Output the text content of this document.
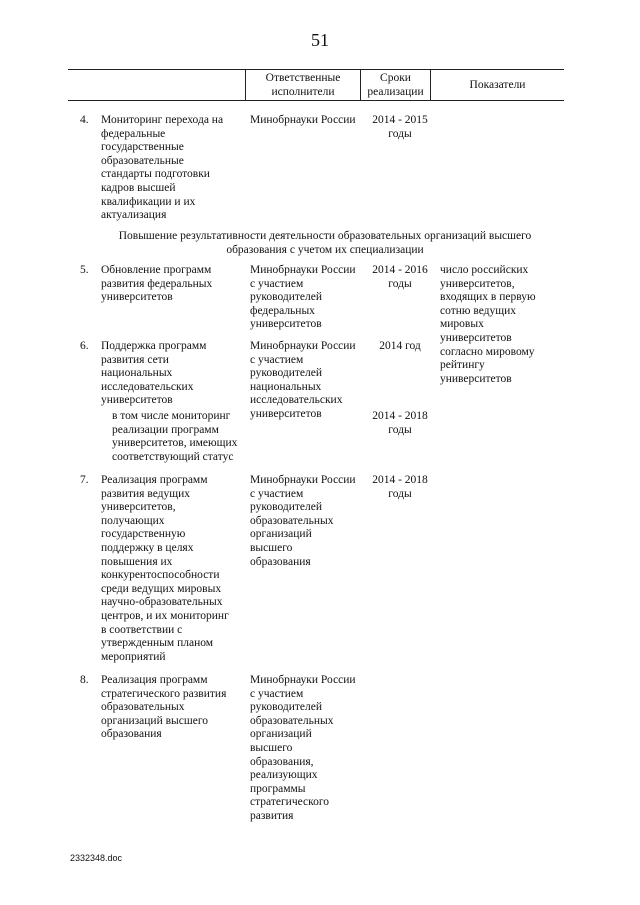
51
Ответственные
исполнители
Сроки
реализации
Показатели
4. Мониторинг перехода на
федеральные
государственные
образовательные
стандарты подготовки
кадров высшей
квалификации и их
актуализация
Минобрнауки России	2014 - 2015
годы
Повышение результативности деятельности образовательных организаций высшего
образования с учетом их специализации
5. Обновление программ
развития федеральных
университетов
Минобрнауки России
с участием
руководителей
федеральных
университетов
2014 - 2016
годы
число российских
университетов,
входящих в первую
сотню ведущих
мировых
университетов
согласно мировому
рейтингу
университетов
6. Поддержка программ
развития сети
национальных
исследовательских
университетов
Минобрнауки России
с участием
руководителей
национальных
исследовательских
университетов
2014 год
в том числе мониторинг
реализации программ
университетов, имеющих
соответствующий статус
2014 - 2018
годы
7. Реализация программ
развития ведущих
университетов,
получающих
государственную
поддержку в целях
повышения их
конкурентоспособности
среди ведущих мировых
научно-образовательных
центров, и их мониторинг
в соответствии с
утвержденным планом
мероприятий
Минобрнауки России
с участием
руководителей
образовательных
организаций
высшего
образования
2014 - 2018
годы
8. Реализация программ
стратегического развития
образовательных
организаций высшего
образования
Минобрнауки России
с участием
руководителей
образовательных
организаций
высшего
образования,
реализующих
программы
стратегического
развития
2332348.doc
